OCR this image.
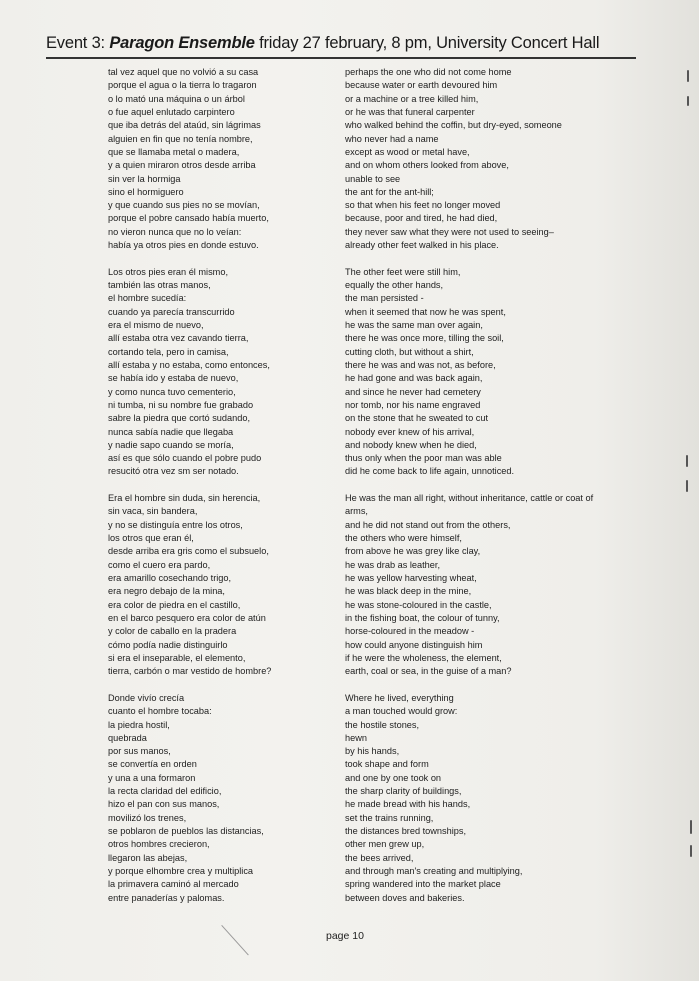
Event 3: Paragon Ensemble friday 27 february, 8 pm, University Concert Hall
tal vez aquel que no volvió a su casa
porque el agua o la tierra lo tragaron
o lo mató una máquina o un árbol
o fue aquel enlutado carpintero
que iba detrás del ataúd, sin lágrimas
alguien en fin que no tenía nombre,
que se llamaba metal o madera,
y a quien miraron otros desde arriba
sin ver la hormiga
sino el hormiguero
y que cuando sus pies no se movían,
porque el pobre cansado había muerto,
no vieron nunca que no lo veían:
había ya otros pies en donde estuvo.
Los otros pies eran él mismo,
también las otras manos,
el hombre sucedía:
cuando ya parecía transcurrido
era el mismo de nuevo,
allí estaba otra vez cavando tierra,
cortando tela, pero in camisa,
allí estaba y no estaba, como entonces,
se había ido y estaba de nuevo,
y como nunca tuvo cementerio,
ni tumba, ni su nombre fue grabado
sabre la piedra que cortó sudando,
nunca sabía nadie que llegaba
y nadie sapo cuando se moría,
así es que sólo cuando el pobre pudo
resucitó otra vez sm ser notado.
Era el hombre sin duda, sin herencia,
sin vaca, sin bandera,
y no se distinguía entre los otros,
los otros que eran él,
desde arriba era gris como el subsuelo,
como el cuero era pardo,
era amarillo cosechando trigo,
era negro debajo de la mina,
era color de piedra en el castillo,
en el barco pesquero era color de atún
y color de caballo en la pradera
cómo podía nadie distinguirlo
si era el inseparable, el elemento,
tierra, carbón o mar vestido de hombre?
Donde vivío crecía
cuanto el hombre tocaba:
la piedra hostil,
quebrada
por sus manos,
se convertía en orden
y una a una formaron
la recta claridad del edificio,
hizo el pan con sus manos,
movilizó los trenes,
se poblaron de pueblos las distancias,
otros hombres crecieron,
llegaron las abejas,
y porque elhombre crea y multiplica
la primavera caminó al mercado
entre panaderías y palomas.
perhaps the one who did not come home
because water or earth devoured him
or a machine or a tree killed him,
or he was that funeral carpenter
who walked behind the coffin, but dry-eyed, someone
who never had a name
except as wood or metal have,
and on whom others looked from above,
unable to see
the ant for the ant-hill;
so that when his feet no longer moved
because, poor and tired, he had died,
they never saw what they were not used to seeing–
already other feet walked in his place.
The other feet were still him,
equally the other hands,
the man persisted -
when it seemed that now he was spent,
he was the same man over again,
there he was once more, tilling the soil,
cutting cloth, but without a shirt,
there he was and was not, as before,
he had gone and was back again,
and since he never had cemetery
nor tomb, nor his name engraved
on the stone that he sweated to cut
nobody ever knew of his arrival,
and nobody knew when he died,
thus only when the poor man was able
did he come back to life again, unnoticed.
He was the man all right, without inheritance, cattle or coat of arms,
and he did not stand out from the others,
the others who were himself,
from above he was grey like clay,
he was drab as leather,
he was yellow harvesting wheat,
he was black deep in the mine,
he was stone-coloured in the castle,
in the fishing boat, the colour of tunny,
horse-coloured in the meadow -
how could anyone distinguish him
if he were the wholeness, the element,
earth, coal or sea, in the guise of a man?
Where he lived, everything
a man touched would grow:
the hostile stones,
hewn
by his hands,
took shape and form
and one by one took on
the sharp clarity of buildings,
he made bread with his hands,
set the trains running,
the distances bred townships,
other men grew up,
the bees arrived,
and through man's creating and multiplying,
spring wandered into the market place
between doves and bakeries.
page 10
